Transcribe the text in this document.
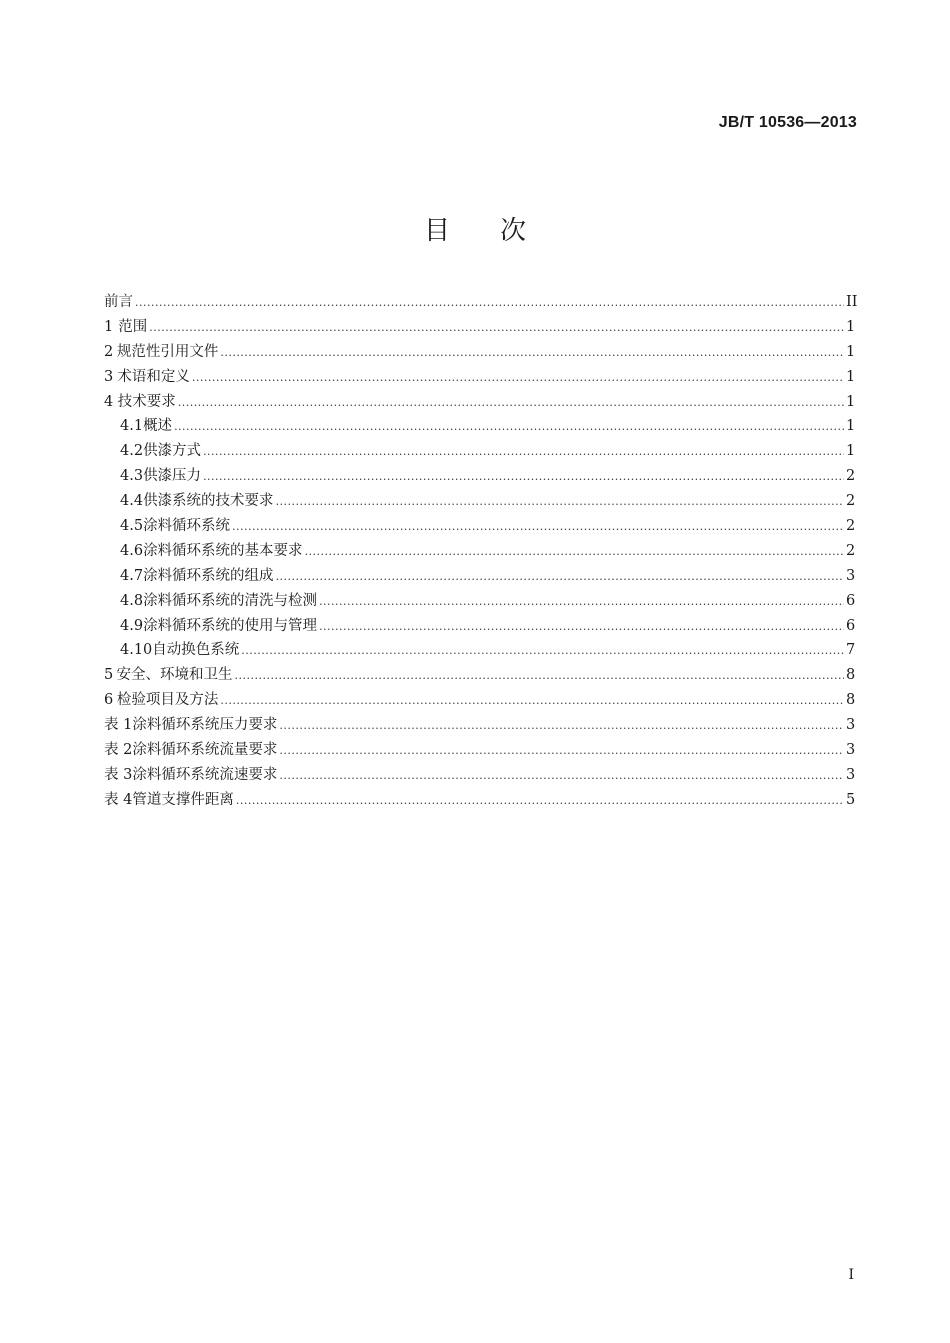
JB/T 10536—2013
目次
前言 .....	II
1 范围 .....	1
2 规范性引用文件 .....	1
3 术语和定义 .....	1
4 技术要求 .....	1
4.1 概述 .....	1
4.2 供漆方式 .....	1
4.3 供漆压力 .....	2
4.4 供漆系统的技术要求 .....	2
4.5 涂料循环系统 .....	2
4.6 涂料循环系统的基本要求 .....	2
4.7 涂料循环系统的组成 .....	3
4.8 涂料循环系统的清洗与检测 .....	6
4.9 涂料循环系统的使用与管理 .....	6
4.10 自动换色系统 .....	7
5 安全、环境和卫生 .....	8
6 检验项目及方法 .....	8
表 1 涂料循环系统压力要求 .....	3
表 2 涂料循环系统流量要求 .....	3
表 3 涂料循环系统流速要求 .....	3
表 4 管道支撑件距离 .....	5
I
